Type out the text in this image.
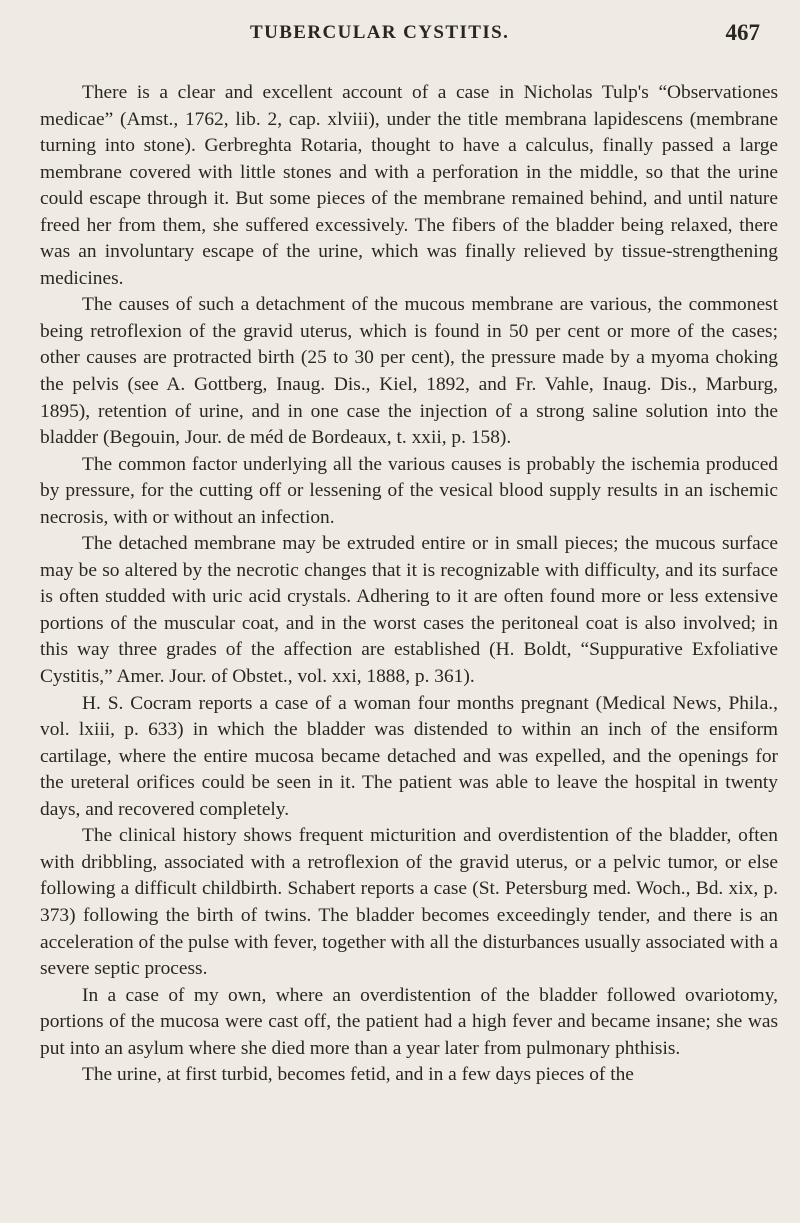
TUBERCULAR CYSTITIS.	467

There is a clear and excellent account of a case in Nicholas Tulp's “Observationes medicae” (Amst., 1762, lib. 2, cap. xlviii), under the title membrana lapidescens (membrane turning into stone). Gerbreghta Rotaria, thought to have a calculus, finally passed a large membrane covered with little stones and with a perforation in the middle, so that the urine could escape through it. But some pieces of the membrane remained behind, and until nature freed her from them, she suffered excessively. The fibers of the bladder being relaxed, there was an involuntary escape of the urine, which was finally relieved by tissue-strengthening medicines.

The causes of such a detachment of the mucous membrane are various, the commonest being retroflexion of the gravid uterus, which is found in 50 per cent or more of the cases; other causes are protracted birth (25 to 30 per cent), the pressure made by a myoma choking the pelvis (see A. Gottberg, Inaug. Dis., Kiel, 1892, and Fr. Vahle, Inaug. Dis., Marburg, 1895), retention of urine, and in one case the injection of a strong saline solution into the bladder (Begouin, Jour. de méd de Bordeaux, t. xxii, p. 158).

The common factor underlying all the various causes is probably the ischemia produced by pressure, for the cutting off or lessening of the vesical blood supply results in an ischemic necrosis, with or without an infection.

The detached membrane may be extruded entire or in small pieces; the mucous surface may be so altered by the necrotic changes that it is recognizable with difficulty, and its surface is often studded with uric acid crystals. Adhering to it are often found more or less extensive portions of the muscular coat, and in the worst cases the peritoneal coat is also involved; in this way three grades of the affection are established (H. Boldt, “Suppurative Exfoliative Cystitis,” Amer. Jour. of Obstet., vol. xxi, 1888, p. 361).

H. S. Cocram reports a case of a woman four months pregnant (Medical News, Phila., vol. lxiii, p. 633) in which the bladder was distended to within an inch of the ensiform cartilage, where the entire mucosa became detached and was expelled, and the openings for the ureteral orifices could be seen in it. The patient was able to leave the hospital in twenty days, and recovered completely.

The clinical history shows frequent micturition and overdistention of the bladder, often with dribbling, associated with a retroflexion of the gravid uterus, or a pelvic tumor, or else following a difficult childbirth. Schabert reports a case (St. Petersburg med. Woch., Bd. xix, p. 373) following the birth of twins. The bladder becomes exceedingly tender, and there is an acceleration of the pulse with fever, together with all the disturbances usually associated with a severe septic process.

In a case of my own, where an overdistention of the bladder followed ovariotomy, portions of the mucosa were cast off, the patient had a high fever and became insane; she was put into an asylum where she died more than a year later from pulmonary phthisis.

The urine, at first turbid, becomes fetid, and in a few days pieces of the
